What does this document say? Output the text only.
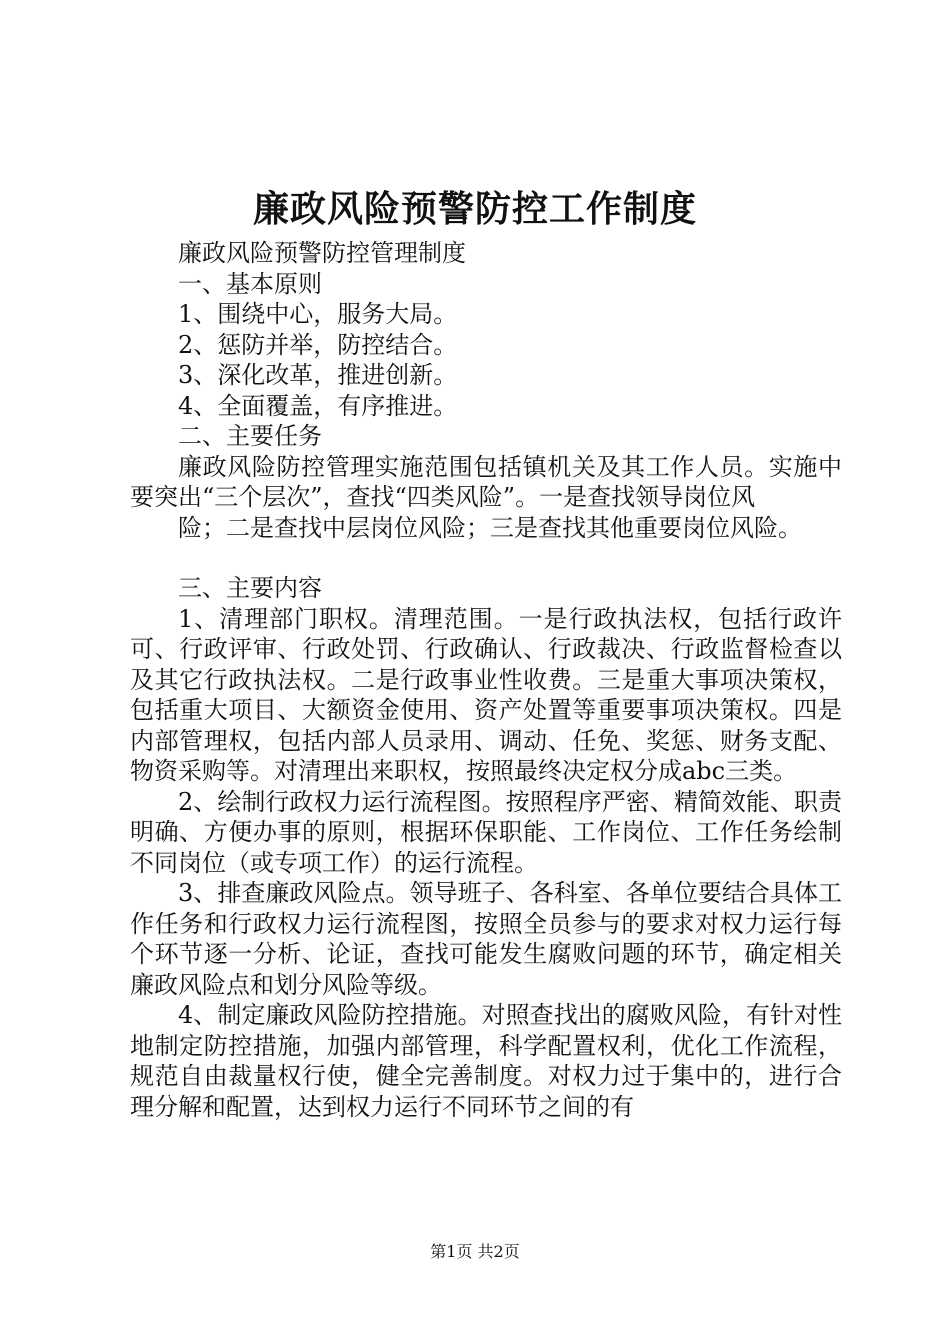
廉政风险预警防控工作制度

廉政风险预警防控管理制度

一、基本原则

1、围绕中心，服务大局。

2、惩防并举，防控结合。

3、深化改革，推进创新。

4、全面覆盖，有序推进。

二、主要任务

廉政风险防控管理实施范围包括镇机关及其工作人员。实施中要突出“三个层次”，查找“四类风险”。一是查找领导岗位风

险；二是查找中层岗位风险；三是查找其他重要岗位风险。

三、主要内容

1、清理部门职权。清理范围。一是行政执法权，包括行政许可、行政评审、行政处罚、行政确认、行政裁决、行政监督检查以及其它行政执法权。二是行政事业性收费。三是重大事项决策权，包括重大项目、大额资金使用、资产处置等重要事项决策权。四是内部管理权，包括内部人员录用、调动、任免、奖惩、财务支配、物资采购等。对清理出来职权，按照最终决定权分成abc三类。

2、绘制行政权力运行流程图。按照程序严密、精简效能、职责明确、方便办事的原则，根据环保职能、工作岗位、工作任务绘制不同岗位（或专项工作）的运行流程。

3、排查廉政风险点。领导班子、各科室、各单位要结合具体工作任务和行政权力运行流程图，按照全员参与的要求对权力运行每个环节逐一分析、论证，查找可能发生腐败问题的环节，确定相关廉政风险点和划分风险等级。

4、制定廉政风险防控措施。对照查找出的腐败风险，有针对性地制定防控措施，加强内部管理，科学配置权利，优化工作流程，规范自由裁量权行使，健全完善制度。对权力过于集中的，进行合理分解和配置，达到权力运行不同环节之间的有

第1页 共2页
